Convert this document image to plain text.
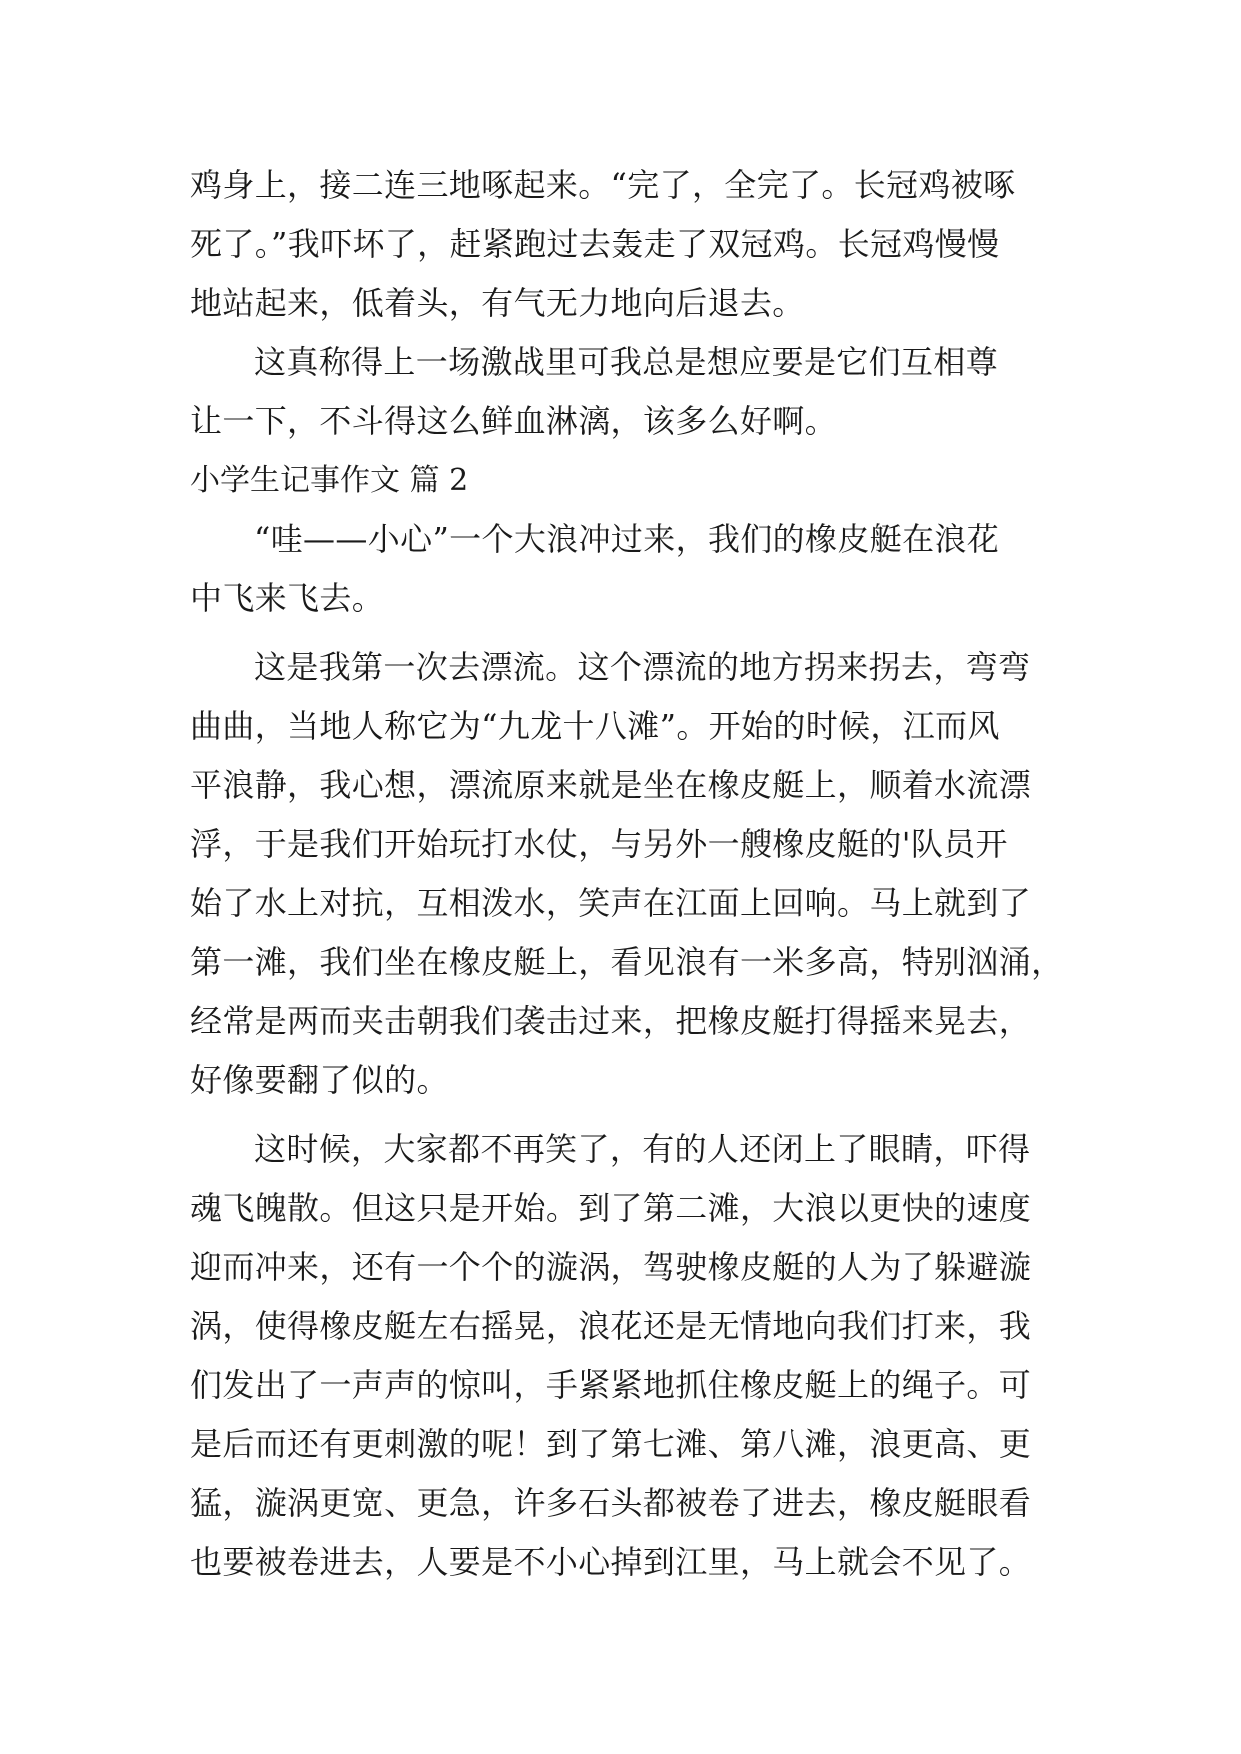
鸡身上，接二连三地啄起来。“完了，全完了。长冠鸡被啄
死了。”我吓坏了，赶紧跑过去轰走了双冠鸡。长冠鸡慢慢
地站起来，低着头，有气无力地向后退去。
这真称得上一场激战里可我总是想应要是它们互相尊
让一下，不斗得这么鲜血淋漓，该多么好啊。
小学生记事作文 篇 2
“哇——小心”一个大浪冲过来，我们的橡皮艇在浪花
中飞来飞去。
这是我第一次去漂流。这个漂流的地方拐来拐去，弯弯
曲曲，当地人称它为“九龙十八滩”。开始的时候，江而风
平浪静，我心想，漂流原来就是坐在橡皮艇上，顺着水流漂
浮，于是我们开始玩打水仗，与另外一艘橡皮艇的'队员开
始了水上对抗，互相泼水，笑声在江面上回响。马上就到了
第一滩，我们坐在橡皮艇上，看见浪有一米多高，特别汹涌，
经常是两而夹击朝我们袭击过来，把橡皮艇打得摇来晃去，
好像要翻了似的。
这时候，大家都不再笑了，有的人还闭上了眼睛，吓得
魂飞魄散。但这只是开始。到了第二滩，大浪以更快的速度
迎而冲来，还有一个个的漩涡，驾驶橡皮艇的人为了躲避漩
涡，使得橡皮艇左右摇晃，浪花还是无情地向我们打来，我
们发出了一声声的惊叫，手紧紧地抓住橡皮艇上的绳子。可
是后而还有更刺激的呢！到了第七滩、第八滩，浪更高、更
猛，漩涡更宽、更急，许多石头都被卷了进去，橡皮艇眼看
也要被卷进去，人要是不小心掉到江里，马上就会不见了。
